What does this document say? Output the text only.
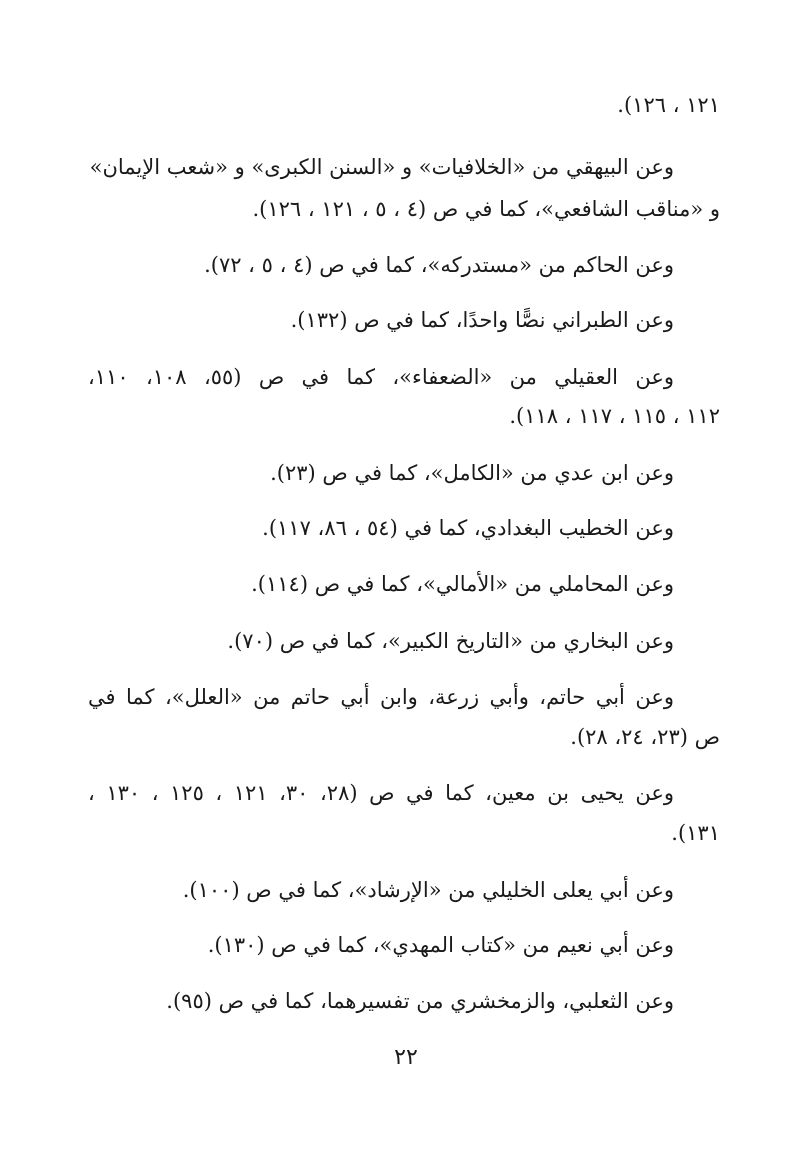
١٢١ ، ١٢٦).
وعن البيهقي من «الخلافيات» و «السنن الكبرى» و «شعب الإيمان»
و «مناقب الشافعي»، كما في ص (٤ ، ٥ ، ١٢١ ، ١٢٦).
وعن الحاكم من «مستدركه»، كما في ص (٤ ، ٥ ، ٧٢).
وعن الطبراني نصًّا واحدًا، كما في ص (١٣٢).
وعن العقيلي من «الضعفاء»، كما في ص (٥٥، ١٠٨، ١١٠،
١١٢ ، ١١٥ ، ١١٧ ، ١١٨).
وعن ابن عدي من «الكامل»، كما في ص (٢٣).
وعن الخطيب البغدادي، كما في (٥٤ ، ٨٦، ١١٧).
وعن المحاملي من «الأمالي»، كما في ص (١١٤).
وعن البخاري من «التاريخ الكبير»، كما في ص (٧٠).
وعن أبي حاتم، وأبي زرعة، وابن أبي حاتم من «العلل»، كما في
ص (٢٣، ٢٤، ٢٨).
وعن يحيى بن معين، كما في ص (٢٨، ٣٠، ١٢١ ، ١٢٥ ، ١٣٠ ،
١٣١).
وعن أبي يعلى الخليلي من «الإرشاد»، كما في ص (١٠٠).
وعن أبي نعيم من «كتاب المهدي»، كما في ص (١٣٠).
وعن الثعلبي، والزمخشري من تفسيرهما، كما في ص (٩٥).
٢٢
